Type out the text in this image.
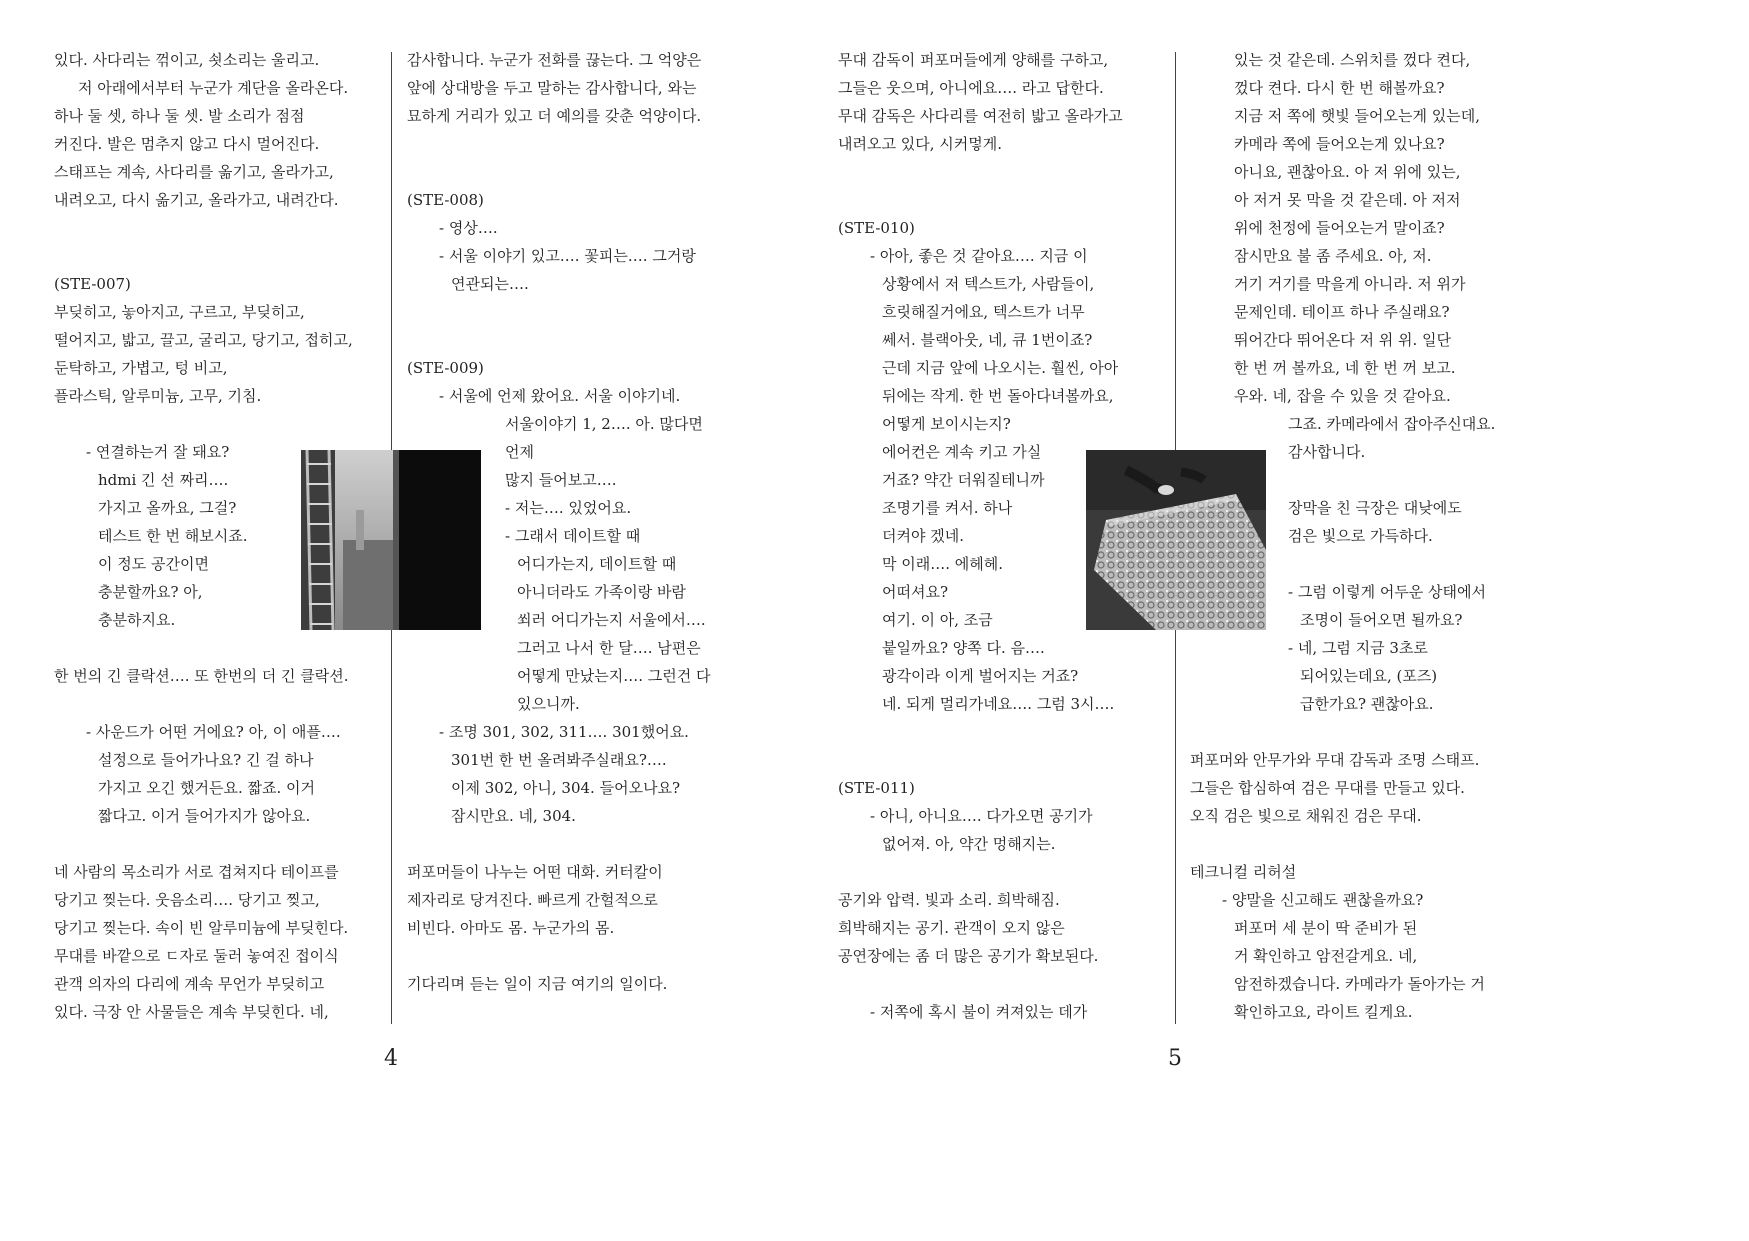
있다. 사다리는 꺾이고, 쇳소리는 울리고.
저 아래에서부터 누군가 계단을 올라온다.
하나 둘 셋, 하나 둘 셋. 발 소리가 점점
커진다. 발은 멈추지 않고 다시 멀어진다.
스태프는 계속, 사다리를 옮기고, 올라가고,
내려오고, 다시 옮기고, 올라가고, 내려간다.
(STE-007)
부딪히고, 놓아지고, 구르고, 부딪히고,
떨어지고, 밟고, 끌고, 굴리고, 당기고, 접히고,
둔탁하고, 가볍고, 텅 비고,
플라스틱, 알루미늄, 고무, 기침.
- 연결하는거 잘 돼요?
hdmi 긴 선 짜리….
가지고 올까요, 그걸?
테스트 한 번 해보시죠.
이 정도 공간이면
충분할까요? 아,
충분하지요.
한 번의 긴 클락션…. 또 한번의 더 긴 클락션.
- 사운드가 어떤 거에요? 아, 이 애플….
설정으로 들어가나요? 긴 걸 하나
가지고 오긴 했거든요. 짧죠. 이거
짧다고. 이거 들어가지가 않아요.
네 사람의 목소리가 서로 겹쳐지다 테이프를
당기고 찢는다. 웃음소리…. 당기고 찢고,
당기고 찢는다. 속이 빈 알루미늄에 부딪힌다.
무대를 바깥으로 ㄷ자로 둘러 놓여진 접이식
관객 의자의 다리에 계속 무언가 부딪히고
있다. 극장 안 사물들은 계속 부딪힌다. 네,
감사합니다. 누군가 전화를 끊는다. 그 억양은
앞에 상대방을 두고 말하는 감사합니다, 와는
묘하게 거리가 있고 더 예의를 갖춘 억양이다.
(STE-008)
- 영상….
- 서울 이야기 있고…. 꽃피는…. 그거랑
연관되는….
(STE-009)
- 서울에 언제 왔어요. 서울 이야기네.
서울이야기 1, 2…. 아. 많다면
언제
많지 들어보고….
- 저는…. 있었어요.
- 그래서 데이트할 때
어디가는지, 데이트할 때
아니더라도 가족이랑 바람
쐬러 어디가는지 서울에서….
그러고 나서 한 달…. 남편은
어떻게 만났는지…. 그런건 다
있으니까.
- 조명 301, 302, 311…. 301했어요.
301번 한 번 올려봐주실래요?….
이제 302, 아니, 304. 들어오나요?
잠시만요. 네, 304.
퍼포머들이 나누는 어떤 대화. 커터칼이
제자리로 당겨진다. 빠르게 간헐적으로
비빈다. 아마도 몸. 누군가의 몸.
기다리며 듣는 일이 지금 여기의 일이다.
4
무대 감독이 퍼포머들에게 양해를 구하고,
그들은 웃으며, 아니에요…. 라고 답한다.
무대 감독은 사다리를 여전히 밟고 올라가고
내려오고 있다, 시커멓게.
(STE-010)
- 아아, 좋은 것 같아요…. 지금 이
상황에서 저 텍스트가, 사람들이,
흐릿해질거에요, 텍스트가 너무
쎄서. 블랙아웃, 네, 큐 1번이죠?
근데 지금 앞에 나오시는. 훨씬, 아아
뒤에는 작게. 한 번 돌아다녀볼까요,
어떻게 보이시는지?
에어컨은 계속 키고 가실
거죠? 약간 더워질테니까
조명기를 켜서. 하나
더켜야 겠네.
막 이래…. 에헤헤.
어떠셔요?
여기. 이 아, 조금
붙일까요? 양쪽 다. 음….
광각이라 이게 벌어지는 거죠?
네. 되게 멀리가네요…. 그럼 3시….
(STE-011)
- 아니, 아니요…. 다가오면 공기가
없어져. 아, 약간 멍해지는.
공기와 압력. 빛과 소리. 희박해짐.
희박해지는 공기. 관객이 오지 않은
공연장에는 좀 더 많은 공기가 확보된다.
- 저쪽에 혹시 불이 켜져있는 데가
있는 것 같은데. 스위치를 껐다 켠다,
껐다 켠다. 다시 한 번 해볼까요?
지금 저 쪽에 햇빛 들어오는게 있는데,
카메라 쪽에 들어오는게 있나요?
아니요, 괜찮아요. 아 저 위에 있는,
아 저거 못 막을 것 같은데. 아 저저
위에 천정에 들어오는거 말이죠?
잠시만요 불 좀 주세요. 아, 저.
거기 거기를 막을게 아니라. 저 위가
문제인데. 테이프 하나 주실래요?
뛰어간다 뛰어온다 저 위 위. 일단
한 번 꺼 볼까요, 네 한 번 꺼 보고.
우와. 네, 잡을 수 있을 것 같아요.
그죠. 카메라에서 잡아주신대요.
감사합니다.
장막을 친 극장은 대낮에도
검은 빛으로 가득하다.
- 그럼 이렇게 어두운 상태에서
조명이 들어오면 될까요?
- 네, 그럼 지금 3초로
되어있는데요, (포즈)
급한가요? 괜찮아요.
퍼포머와 안무가와 무대 감독과 조명 스태프.
그들은 합심하여 검은 무대를 만들고 있다.
오직 검은 빛으로 채워진 검은 무대.
테크니컬 리허설
- 양말을 신고해도 괜찮을까요?
퍼포머 세 분이 딱 준비가 된
거 확인하고 암전갈게요. 네,
암전하겠습니다. 카메라가 돌아가는 거
확인하고요, 라이트 킬게요.
5
